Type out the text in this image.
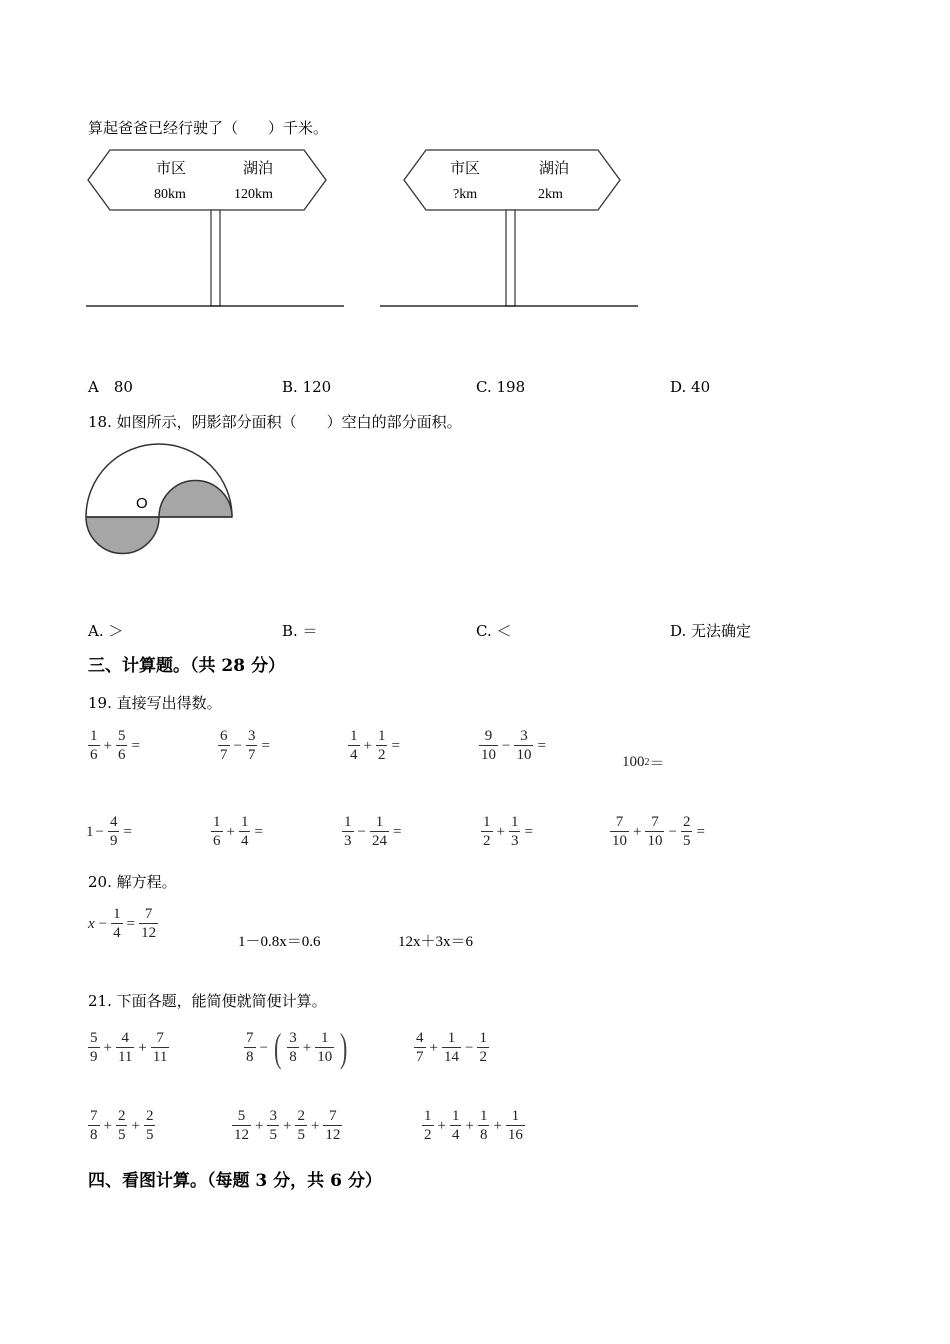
算起爸爸已经行驶了（　　）千米。
市区	湖泊
80km	120km
市区	湖泊
?km	2km
A　80	B. 120	C. 198	D. 40
18. 如图所示，阴影部分面积（　　）空白的部分面积。
O
A. ＞	B. ＝	C. ＜	D. 无法确定
三、计算题。（共 28 分）
19. 直接写出得数。
$\frac{1}{6} + \frac{5}{6}$ =	$\frac{6}{7} - \frac{3}{7}$ =	$\frac{1}{4} + \frac{1}{2}$ =	$\frac{9}{10} - \frac{3}{10}$ =
100 2 ＝
$1 - \frac{4}{9}$ =	$\frac{1}{6} + \frac{1}{4}$ =	$\frac{1}{3} - \frac{1}{24}$ =	$\frac{1}{2} + \frac{1}{3}$ =	$\frac{7}{10} + \frac{7}{10} - \frac{2}{5}$ =
20. 解方程。
$x - \frac{1}{4} = \frac{7}{12}$	1－0.8x＝0.6	12x＋3x＝6
21. 下面各题，能简便就简便计算。
$\frac{5}{9} + \frac{4}{11} + \frac{7}{11}$	$\frac{7}{8}$ − ( $\frac{3}{8} + \frac{1}{10}$ )	$\frac{4}{7} + \frac{1}{14} - \frac{1}{2}$
$\frac{7}{8} + \frac{2}{5} + \frac{2}{5}$	$\frac{5}{12} + \frac{3}{5} + \frac{2}{5} + \frac{7}{12}$	$\frac{1}{2} + \frac{1}{4} + \frac{1}{8} + \frac{1}{16}$
四、看图计算。（每题 3 分，共 6 分）
